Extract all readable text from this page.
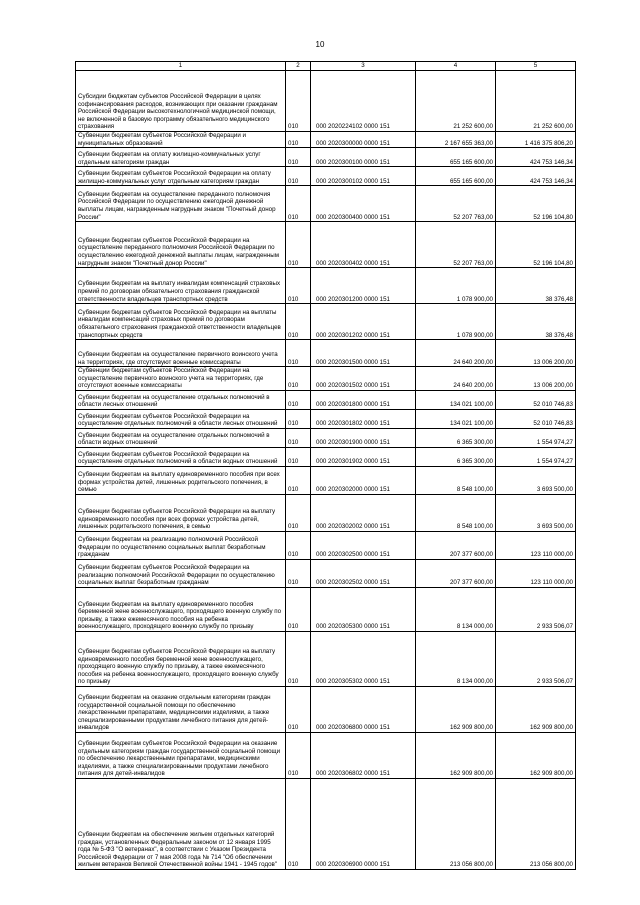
10
1	2	3	4	5
Субсидии бюджетам субъектов Российской Федерации в целях софинансирования расходов, возникающих при оказании гражданам Российской Федерации высокотехнологичной медицинской помощи, не включенной в базовую программу обязательного медицинского страхования	010	000 2020224102 0000 151	21 252 600,00	21 252 600,00
Субвенции бюджетам субъектов Российской Федерации и муниципальных образований	010	000 2020300000 0000 151	2 167 655 363,00	1 416 375 806,20
Субвенции бюджетам на оплату жилищно-коммунальных услуг отдельным категориям граждан	010	000 2020300100 0000 151	655 165 600,00	424 753 146,34
Субвенции бюджетам субъектов Российской Федерации на оплату жилищно-коммунальных услуг отдельным категориям граждан	010	000 2020300102 0000 151	655 165 600,00	424 753 146,34
Субвенции бюджетам на осуществление переданного полномочия Российской Федерации по осуществлению ежегодной денежной выплаты лицам, награжденным нагрудным знаком "Почетный донор России"	010	000 2020300400 0000 151	52 207 763,00	52 196 104,80
Субвенции бюджетам субъектов Российской Федерации на осуществление переданного полномочия Российской Федерации по осуществлению ежегодной денежной выплаты лицам, награжденным нагрудным знаком "Почетный донор России"	010	000 2020300402 0000 151	52 207 763,00	52 196 104,80
Субвенции бюджетам на выплату инвалидам компенсаций страховых премий по договорам обязательного страхования гражданской ответственности владельцев транспортных средств	010	000 2020301200 0000 151	1 078 900,00	38 376,48
Субвенции бюджетам субъектов Российской Федерации на выплаты инвалидам компенсаций страховых премий по договорам обязательного страхования гражданской ответственности владельцев транспортных средств	010	000 2020301202 0000 151	1 078 900,00	38 376,48
Субвенции бюджетам на осуществление первичного воинского учета на территориях, где отсутствуют военные комиссариаты	010	000 2020301500 0000 151	24 640 200,00	13 006 200,00
Субвенции бюджетам субъектов Российской Федерации на осуществление первичного воинского учета на территориях, где отсутствуют военные комиссариаты	010	000 2020301502 0000 151	24 640 200,00	13 006 200,00
Субвенции бюджетам на осуществление отдельных полномочий в области лесных отношений	010	000 2020301800 0000 151	134 021 100,00	52 010 746,83
Субвенции бюджетам субъектов Российской Федерации на осуществление отдельных полномочий в области лесных отношений	010	000 2020301802 0000 151	134 021 100,00	52 010 746,83
Субвенции бюджетам на осуществление отдельных полномочий в области водных отношений	010	000 2020301900 0000 151	6 365 300,00	1 554 974,27
Субвенции бюджетам субъектов Российской Федерации на осуществление отдельных полномочий в области водных отношений	010	000 2020301902 0000 151	6 365 300,00	1 554 974,27
Субвенции бюджетам на выплату единовременного пособия при всех формах устройства детей, лишенных родительского попечения, в семью	010	000 2020302000 0000 151	8 548 100,00	3 693 500,00
Субвенции бюджетам субъектов Российской Федерации на выплату единовременного пособия при всех формах устройства детей, лишенных родительского попечения, в семью	010	000 2020302002 0000 151	8 548 100,00	3 693 500,00
Субвенции бюджетам на реализацию полномочий Российской Федерации по осуществлению социальных выплат безработным гражданам	010	000 2020302500 0000 151	207 377 600,00	123 110 000,00
Субвенции бюджетам субъектов Российской Федерации на реализацию полномочий Российской Федерации по осуществлению социальных выплат безработным гражданам	010	000 2020302502 0000 151	207 377 600,00	123 110 000,00
Субвенции бюджетам на выплату единовременного пособия беременной жене военнослужащего, проходящего военную службу по призыву, а также ежемесячного пособия на ребенка военнослужащего, проходящего военную службу по призыву	010	000 2020305300 0000 151	8 134 000,00	2 933 506,07
Субвенции бюджетам субъектов Российской Федерации на выплату единовременного пособия беременной жене военнослужащего, проходящего военную службу по призыву, а также ежемесячного пособия на ребенка военнослужащего, проходящего военную службу по призыву	010	000 2020305302 0000 151	8 134 000,00	2 933 506,07
Субвенции бюджетам на оказание отдельным категориям граждан государственной социальной помощи по обеспечению лекарственными препаратами, медицинскими изделиями, а также специализированными продуктами лечебного питания для детей-инвалидов	010	000 2020306800 0000 151	162 909 800,00	162 909 800,00
Субвенции бюджетам субъектов Российской Федерации на оказание отдельным категориям граждан государственной социальной помощи по обеспечению лекарственными препаратами, медицинскими изделиями, а также специализированными продуктами лечебного питания для детей-инвалидов	010	000 2020306802 0000 151	162 909 800,00	162 909 800,00
Субвенции бюджетам на обеспечение жильем отдельных категорий граждан, установленных Федеральным законом от 12 января 1995 года № 5-ФЗ "О ветеранах", в соответствии с Указом Президента Российской Федерации от 7 мая 2008 года № 714 "Об обеспечении жильем ветеранов Великой Отечественной войны 1941 - 1945 годов"	010	000 2020306900 0000 151	213 056 800,00	213 056 800,00
